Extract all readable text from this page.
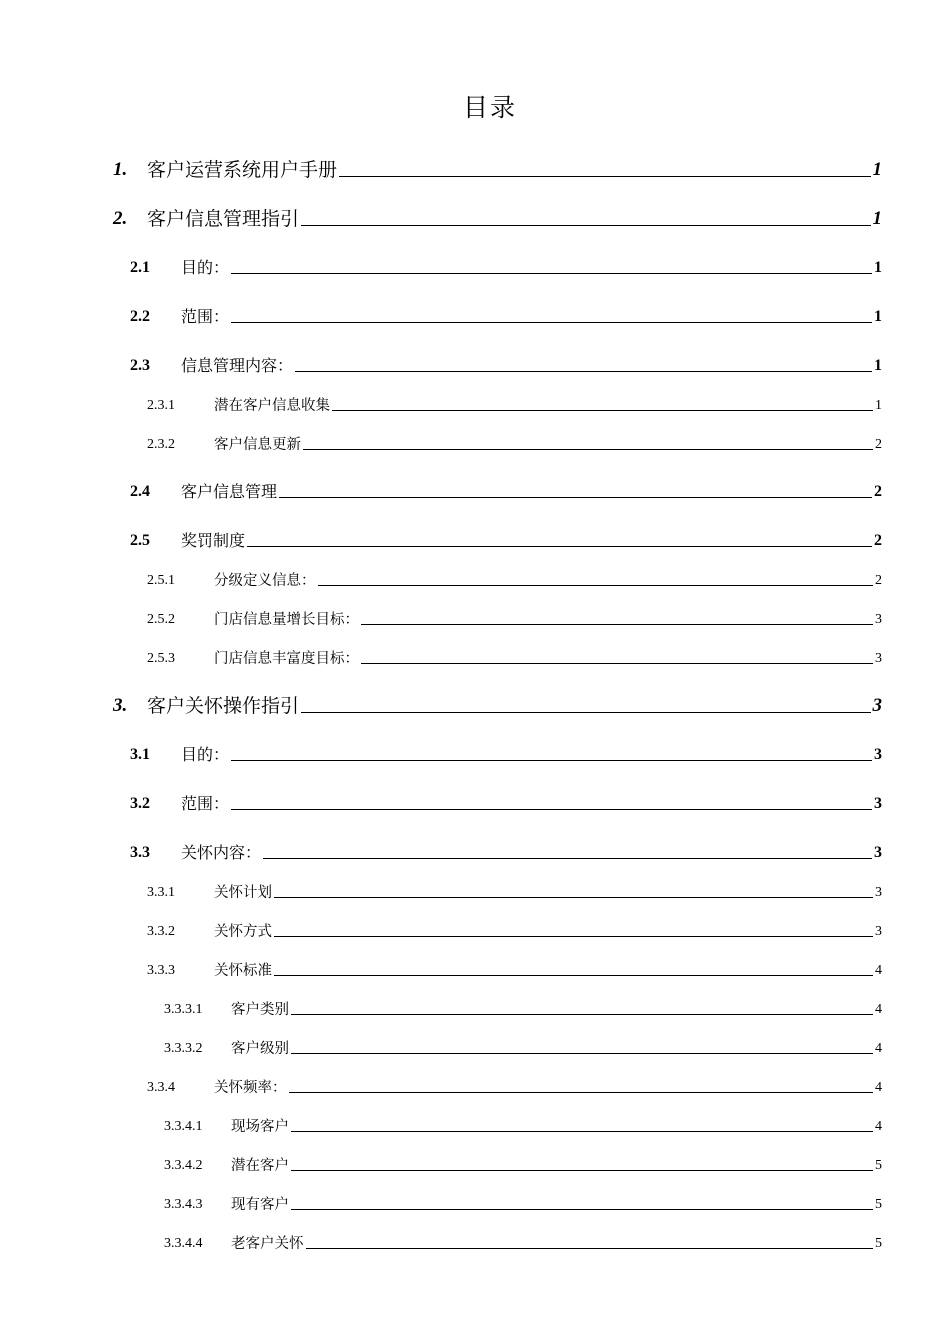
目录
1.	客户运营系统用户手册	1
2.	客户信息管理指引	1
2.1	目的：	1
2.2	范围：	1
2.3	信息管理内容：	1
2.3.1	潜在客户信息收集	1
2.3.2	客户信息更新	2
2.4	客户信息管理	2
2.5	奖罚制度	2
2.5.1	分级定义信息：	2
2.5.2	门店信息量增长目标：	3
2.5.3	门店信息丰富度目标：	3
3.	客户关怀操作指引	3
3.1	目的：	3
3.2	范围：	3
3.3	关怀内容：	3
3.3.1	关怀计划	3
3.3.2	关怀方式	3
3.3.3	关怀标准	4
3.3.3.1	客户类别	4
3.3.3.2	客户级别	4
3.3.4	关怀频率：	4
3.3.4.1	现场客户	4
3.3.4.2	潜在客户	5
3.3.4.3	现有客户	5
3.3.4.4	老客户关怀	5
